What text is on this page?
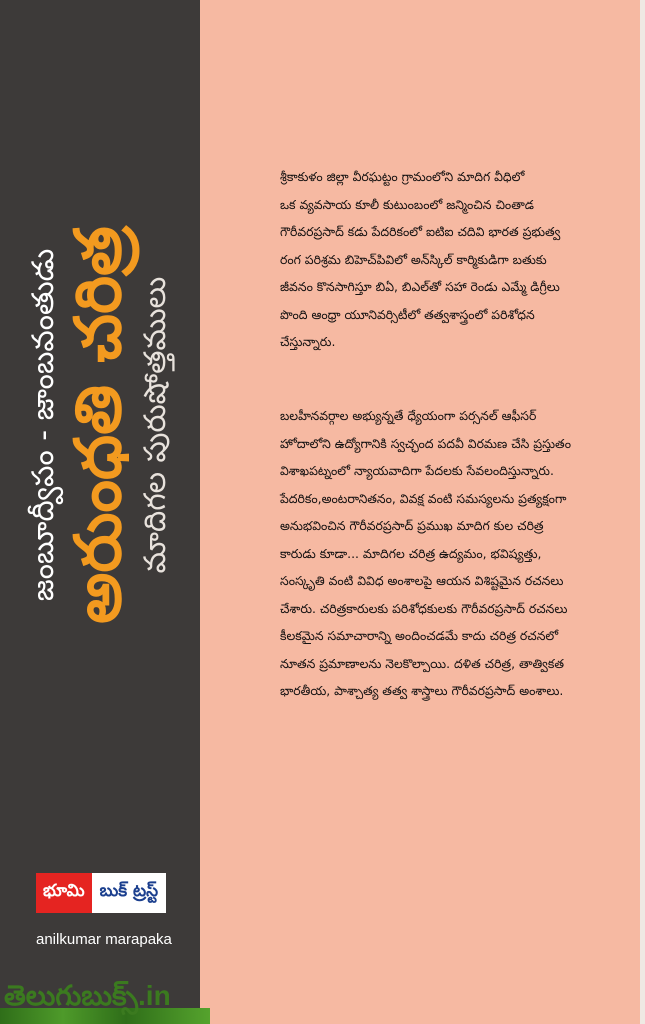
జంబూద్వీపం - జాంబవంతుడు అరుంధతి చరిత్ర మాదిగల పురుషోత్తములు
భూమి బుక్ ట్రస్ట్
anilkumar marapaka
శ్రీకాకుళం జిల్లా వీరఘట్టం గ్రామంలోని మాదిగ వీధిలో
ఒక వ్యవసాయ కూలీ కుటుంబంలో జన్మించిన చింతాడ
గౌరీవరప్రసాద్ కడు పేదరికంలో ఐటిఐ చదివి భారత ప్రభుత్వ
రంగ పరిశ్రమ బిహెచ్‌పివిలో అన్‌స్కిల్ కార్మికుడిగా బతుకు
జీవనం కొనసాగిస్తూ బిఏ, బిఎల్‌తో సహా రెండు ఎమ్మే డిగ్రీలు
పొంది ఆంధ్రా యూనివర్సిటీలో తత్వశాస్త్రంలో పరిశోధన
చేస్తున్నారు.
బలహీనవర్గాల అభ్యున్నతే ధ్యేయంగా పర్సనల్ ఆఫీసర్
హోదాలోని ఉద్యోగానికి స్వచ్ఛంద పదవీ విరమణ చేసి ప్రస్తుతం
విశాఖపట్నంలో న్యాయవాదిగా పేదలకు సేవలందిస్తున్నారు.
పేదరికం,అంటరానితనం, వివక్ష వంటి సమస్యలను ప్రత్యక్షంగా
అనుభవించిన గౌరీవరప్రసాద్ ప్రముఖ మాదిగ కుల చరిత్ర
కారుడు కూడా... మాదిగల చరిత్ర ఉద్యమం, భవిష్యత్తు,
సంస్కృతి వంటి వివిధ అంశాలపై ఆయన విశిష్టమైన రచనలు
చేశారు. చరిత్రకారులకు పరిశోధకులకు గౌరీవరప్రసాద్ రచనలు
కీలకమైన సమాచారాన్ని అందించడమే కాదు చరిత్ర రచనలో
నూతన ప్రమాణాలను నెలకొల్పాయి. దళిత చరిత్ర, తాత్వికత
భారతీయ, పాశ్చాత్య తత్వ శాస్త్రాలు గౌరీవరప్రసాద్ అంశాలు.
తెలుగుబుక్స్.in
